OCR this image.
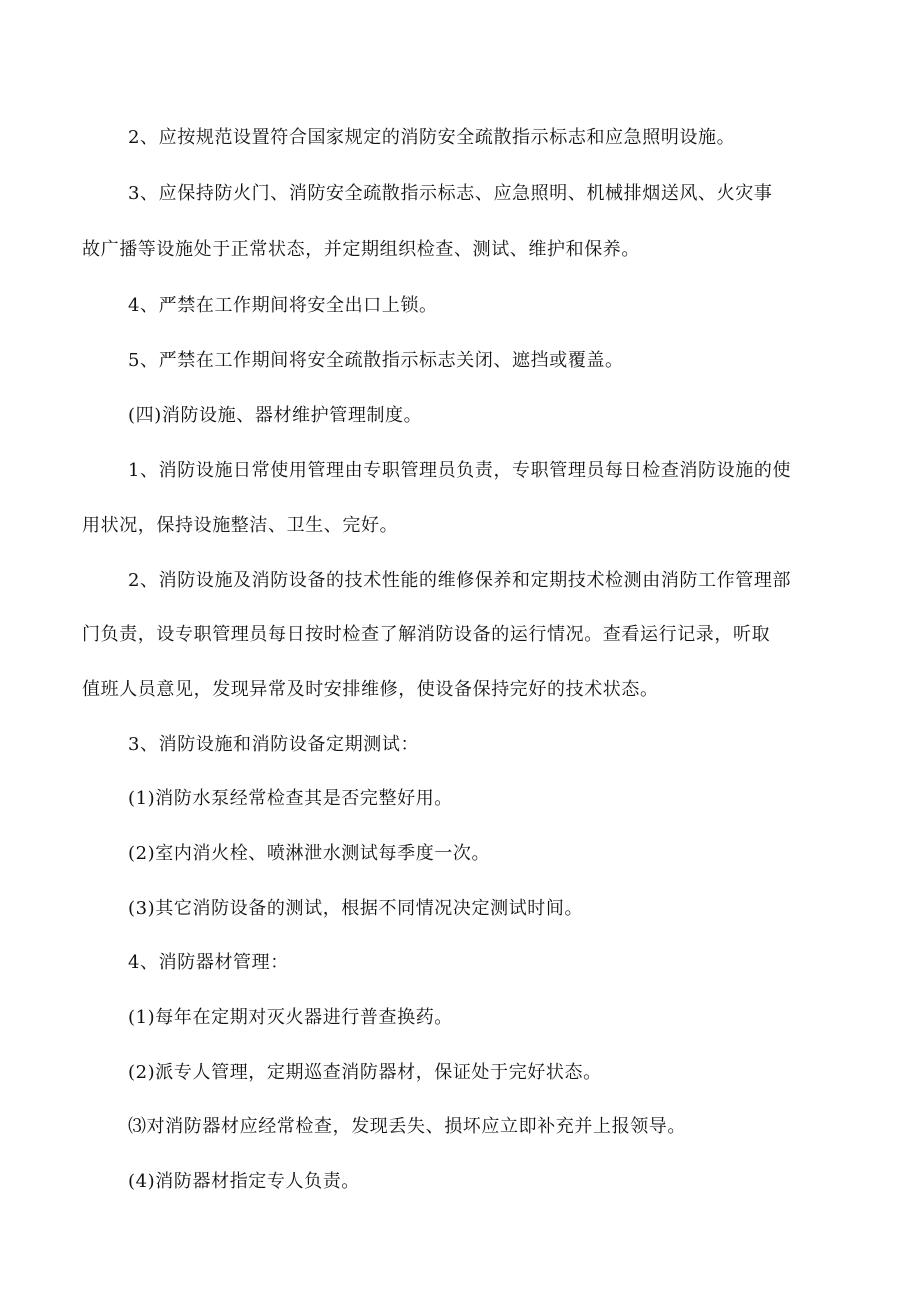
2、应按规范设置符合国家规定的消防安全疏散指示标志和应急照明设施。
3、应保持防火门、消防安全疏散指示标志、应急照明、机械排烟送风、火灾事
故广播等设施处于正常状态，并定期组织检查、测试、维护和保养。
4、严禁在工作期间将安全出口上锁。
5、严禁在工作期间将安全疏散指示标志关闭、遮挡或覆盖。
(四)消防设施、器材维护管理制度。
1、消防设施日常使用管理由专职管理员负责，专职管理员每日检查消防设施的使
用状况，保持设施整洁、卫生、完好。
2、消防设施及消防设备的技术性能的维修保养和定期技术检测由消防工作管理部
门负责，设专职管理员每日按时检查了解消防设备的运行情况。查看运行记录，听取
值班人员意见，发现异常及时安排维修，使设备保持完好的技术状态。
3、消防设施和消防设备定期测试：
(1)消防水泵经常检查其是否完整好用。
(2)室内消火栓、喷淋泄水测试每季度一次。
(3)其它消防设备的测试，根据不同情况决定测试时间。
4、消防器材管理：
(1)每年在定期对灭火器进行普查换药。
(2)派专人管理，定期巡查消防器材，保证处于完好状态。
⑶对消防器材应经常检查，发现丢失、损坏应立即补充并上报领导。
(4)消防器材指定专人负责。
